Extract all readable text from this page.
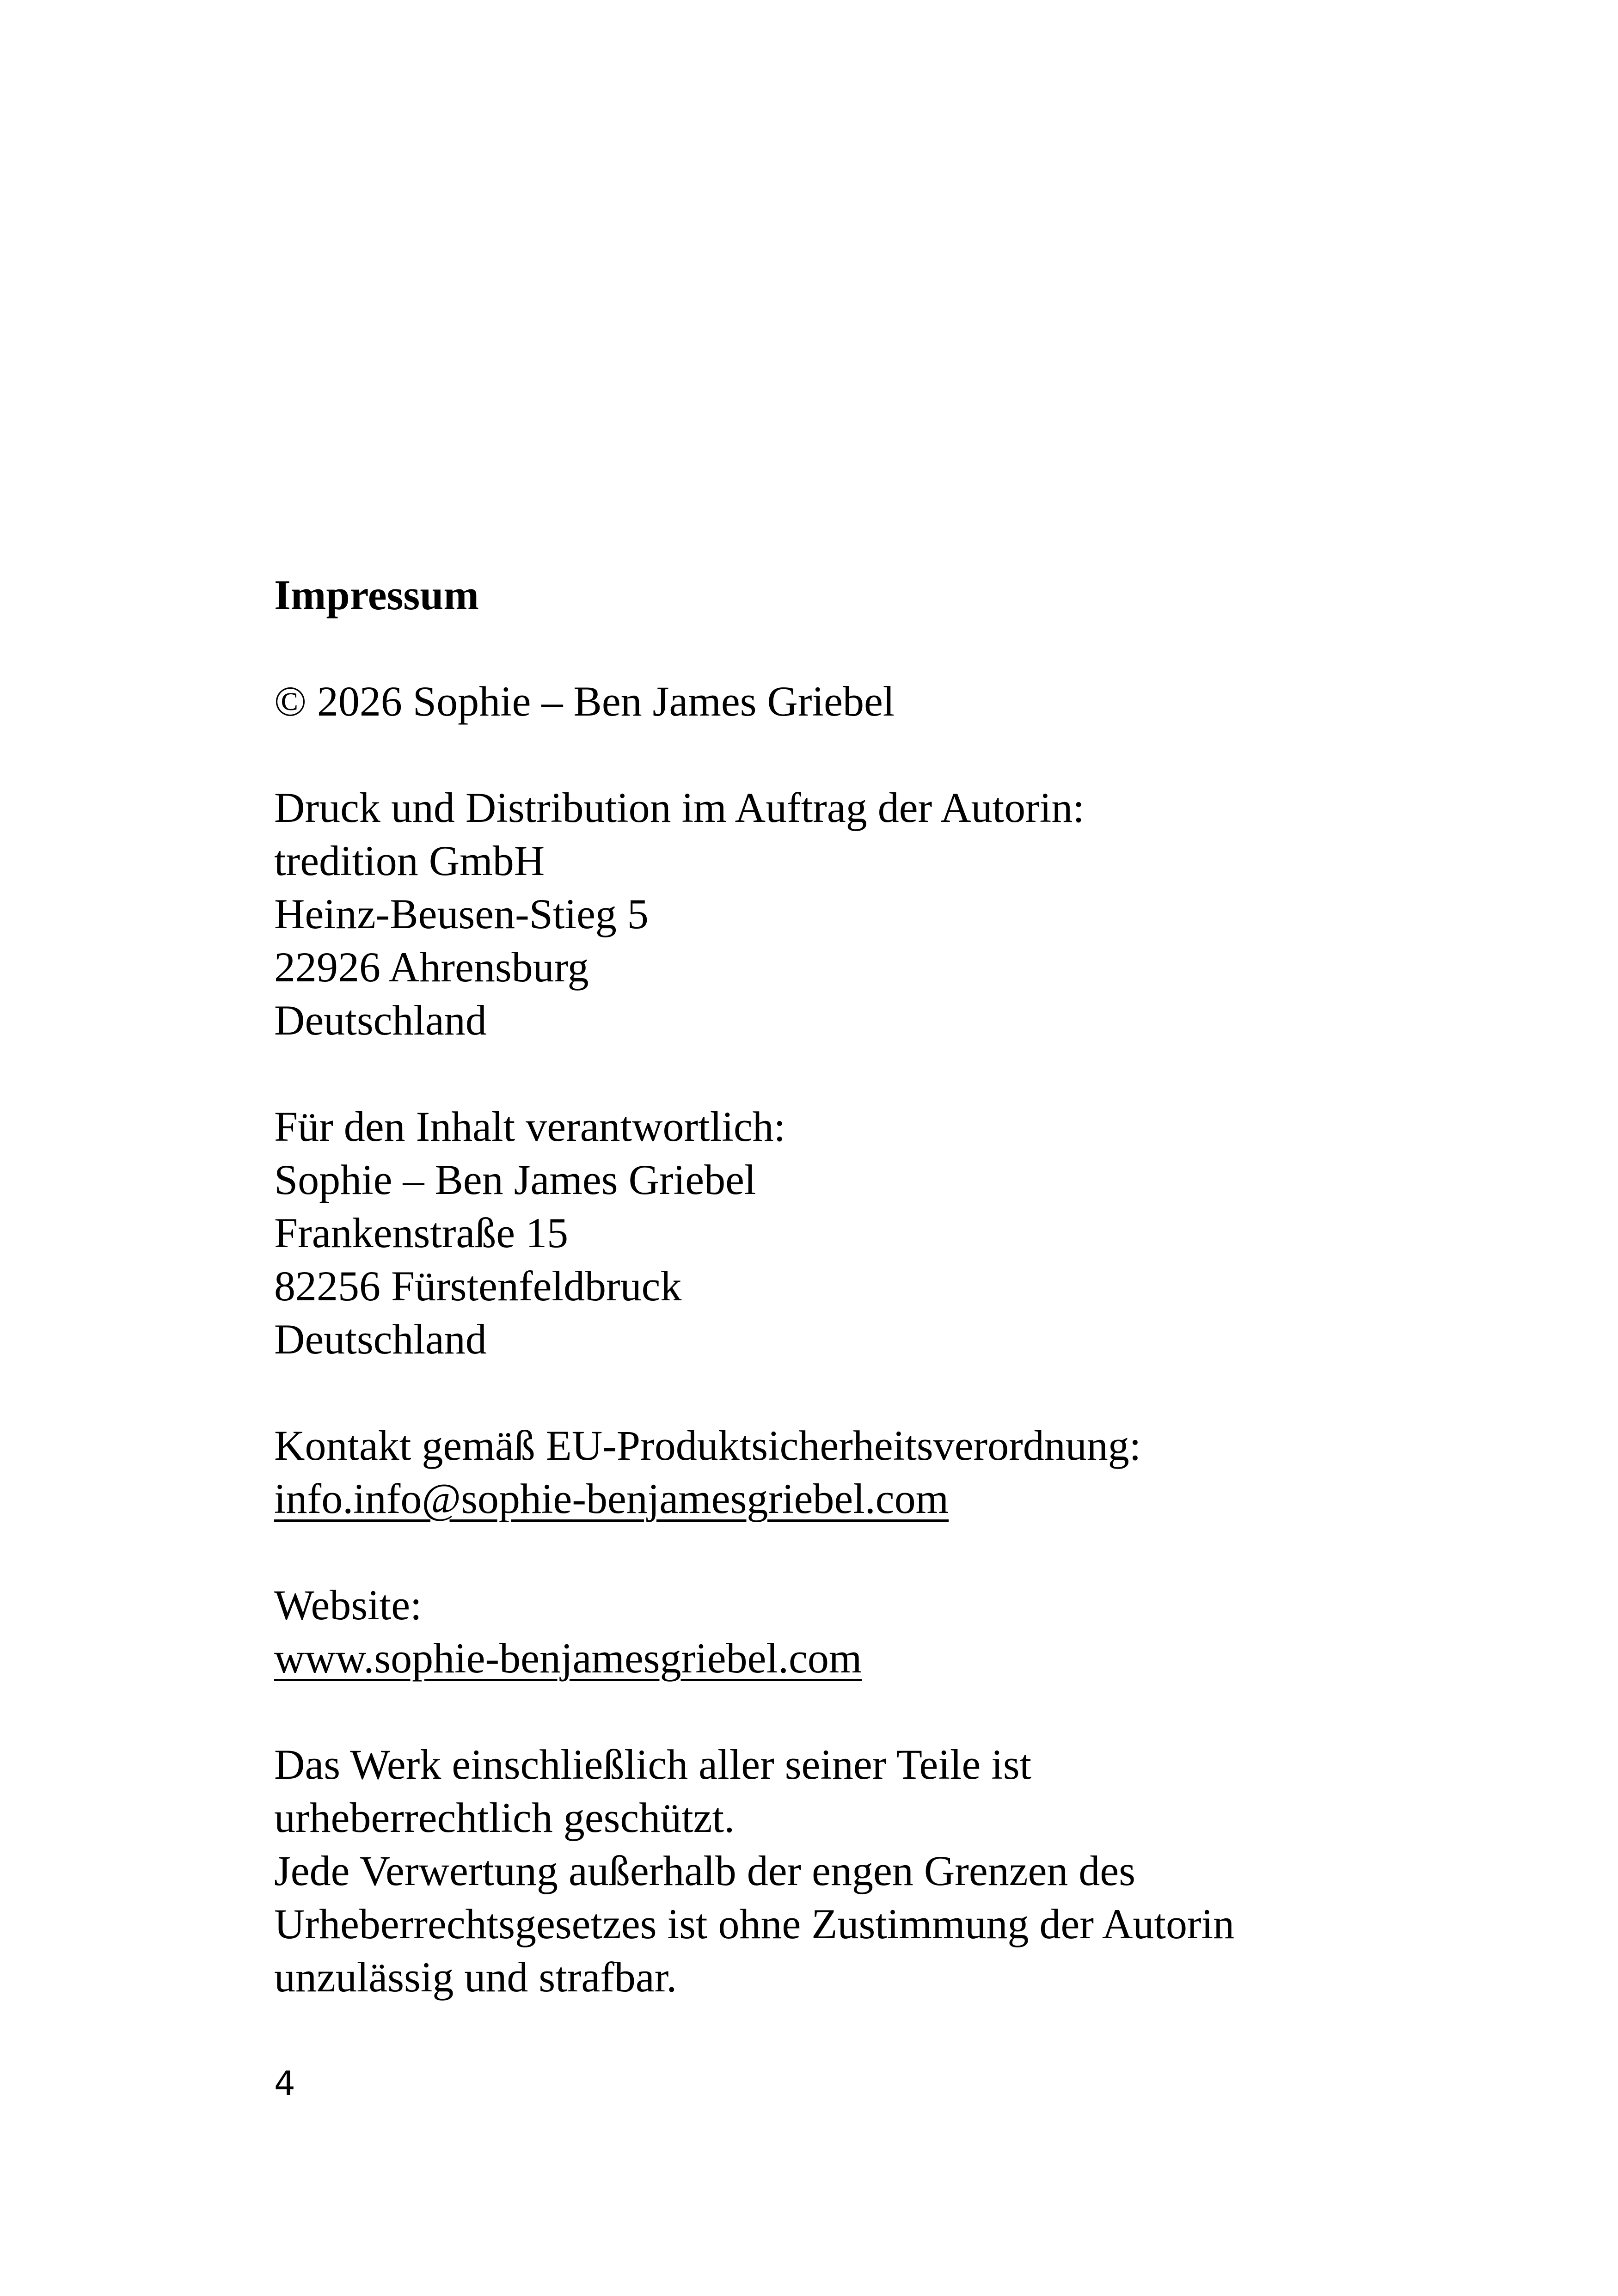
Impressum
© 2026 Sophie – Ben James Griebel
Druck und Distribution im Auftrag der Autorin:
tredition GmbH
Heinz-Beusen-Stieg 5
22926 Ahrensburg
Deutschland
Für den Inhalt verantwortlich:
Sophie – Ben James Griebel
Frankenstraße 15
82256 Fürstenfeldbruck
Deutschland
Kontakt gemäß EU-Produktsicherheitsverordnung:
info.info@sophie-benjamesgriebel.com
Website:
www.sophie-benjamesgriebel.com
Das Werk einschließlich aller seiner Teile ist
urheberrechtlich geschützt.
Jede Verwertung außerhalb der engen Grenzen des
Urheberrechtsgesetzes ist ohne Zustimmung der Autorin
unzulässig und strafbar.
4
